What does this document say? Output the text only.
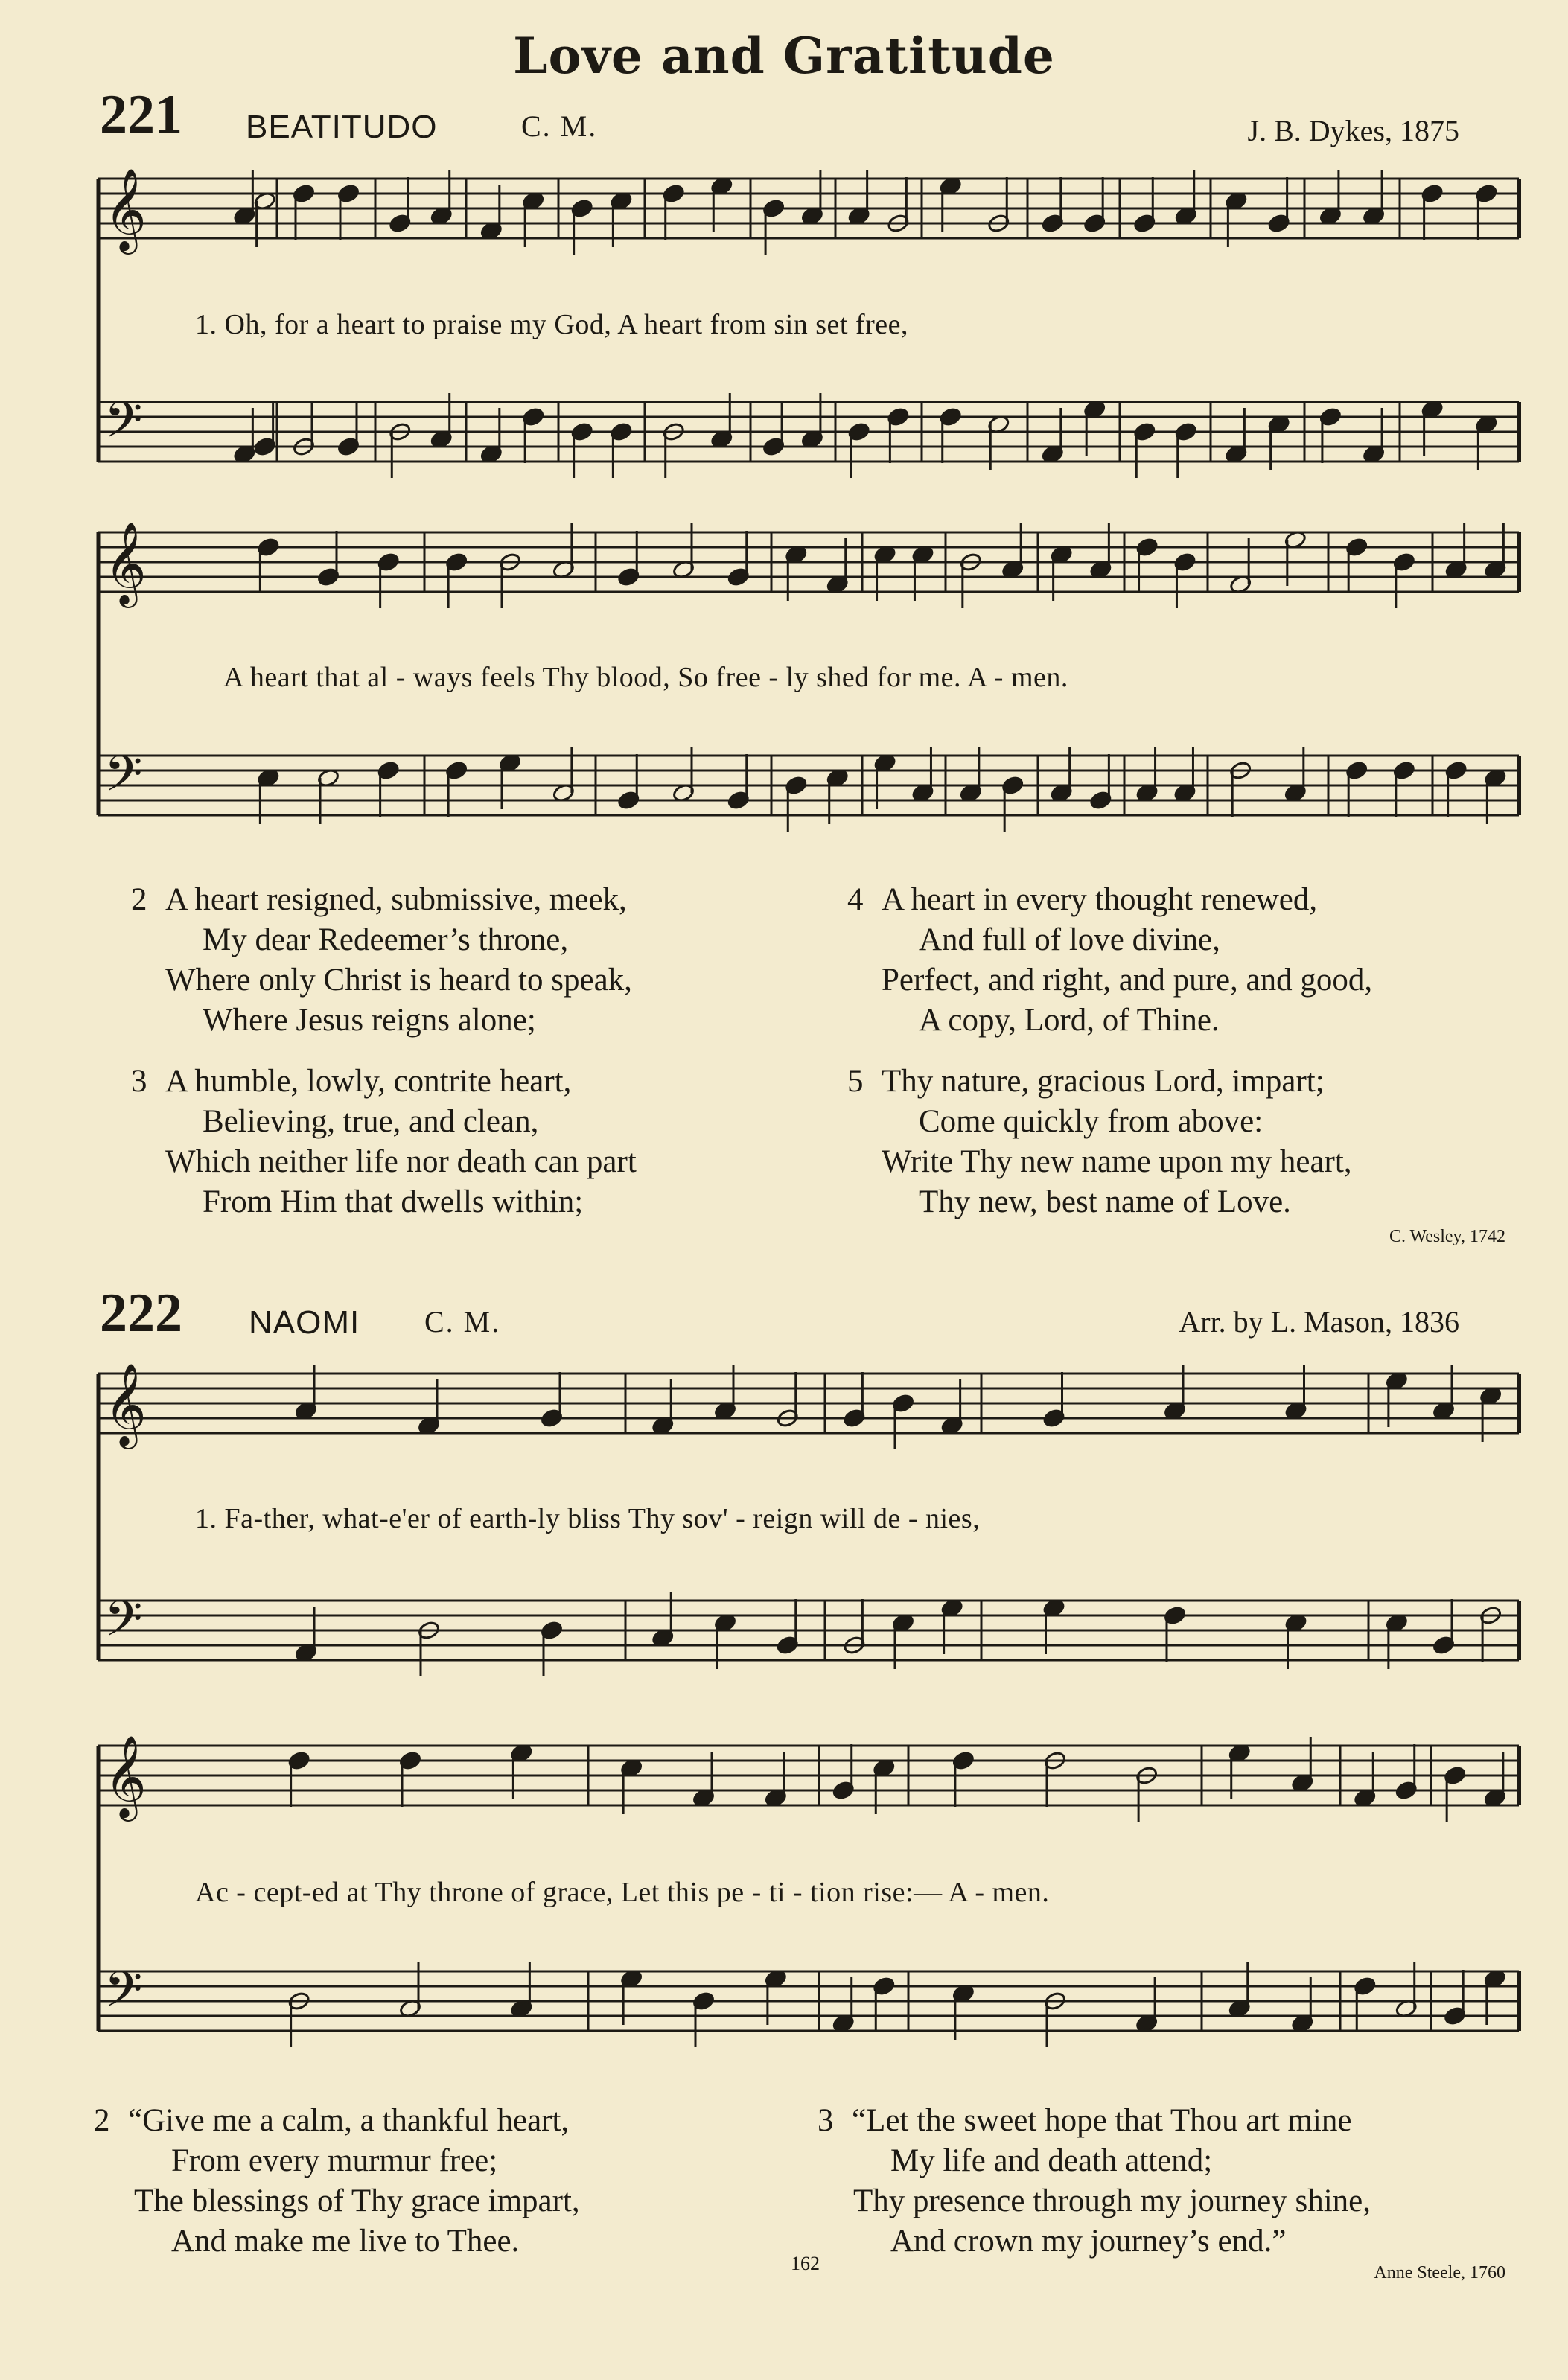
Love and Gratitude
221 BEATITUDO	C. M.	J. B. Dykes, 1875
𝄞
𝄢
𝄞
𝄢
𝄞
𝄢
𝄞
𝄢
1. Oh, for a heart to praise my God, A heart from sin set free,
A heart that al - ways feels Thy blood, So free - ly shed for me. A - men.
2 A heart resigned, submissive, meek,
My dear Redeemer’s throne,
Where only Christ is heard to speak,
Where Jesus reigns alone;
3 A humble, lowly, contrite heart,
Believing, true, and clean,
Which neither life nor death can part
From Him that dwells within;
4 A heart in every thought renewed,
And full of love divine,
Perfect, and right, and pure, and good,
A copy, Lord, of Thine.
5 Thy nature, gracious Lord, impart;
Come quickly from above:
Write Thy new name upon my heart,
Thy new, best name of Love.
C. Wesley, 1742
222 NAOMI C. M.	Arr. by L. Mason, 1836
1. Fa-ther, what-e'er of earth-ly bliss Thy sov' - reign will de - nies,
Ac - cept-ed at Thy throne of grace, Let this pe - ti - tion rise:— A - men.
2 “Give me a calm, a thankful heart,
From every murmur free;
The blessings of Thy grace impart,
And make me live to Thee.
3 “Let the sweet hope that Thou art mine
My life and death attend;
Thy presence through my journey shine,
And crown my journey’s end.”
162	Anne Steele, 1760
